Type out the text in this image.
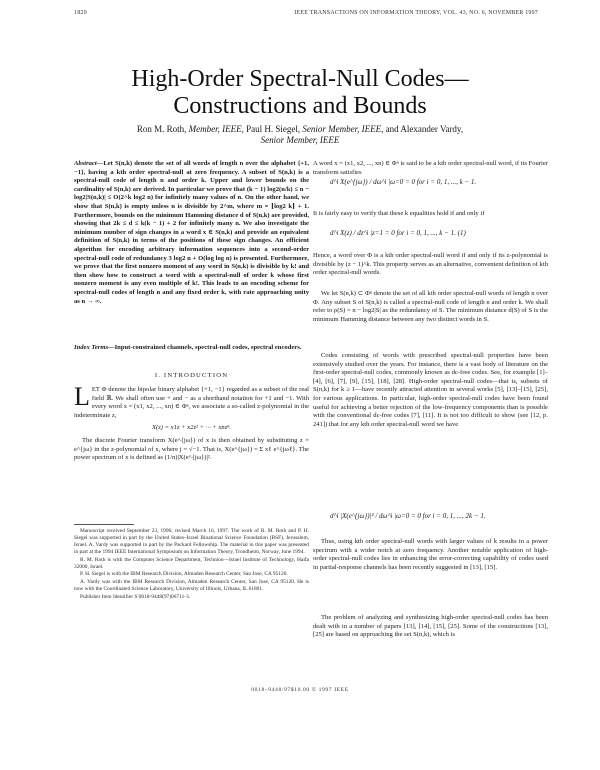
1820	IEEE TRANSACTIONS ON INFORMATION THEORY, VOL. 43, NO. 6, NOVEMBER 1997
High-Order Spectral-Null Codes—
Constructions and Bounds
Ron M. Roth, Member, IEEE, Paul H. Siegel, Senior Member, IEEE, and Alexander Vardy,
Senior Member, IEEE
Abstract—Let S(n,k) denote the set of all words of length n over the alphabet {+1, −1}, having a kth order spectral-null at zero frequency. A subset of S(n,k) is a spectral-null code of length n and order k. Upper and lower bounds on the cardinality of S(n,k) are derived. In particular we prove that (k − 1) log2(n/k) ≤ n − log2|S(n,k)| ≤ O(2^k log2 n) for infinitely many values of n. On the other hand, we show that S(n,k) is empty unless n is divisible by 2^m, where m = ⌊log2 k⌋ + 1. Furthermore, bounds on the minimum Hamming distance d of S(n,k) are provided, showing that 2k ≤ d ≤ k(k − 1) + 2 for infinitely many n. We also investigate the minimum number of sign changes in a word x ∈ S(n,k) and provide an equivalent definition of S(n,k) in terms of the positions of these sign changes. An efficient algorithm for encoding arbitrary information sequences into a second-order spectral-null code of redundancy 3 log2 n + O(log log n) is presented. Furthermore, we prove that the first nonzero moment of any word in S(n,k) is divisible by k! and then show how to construct a word with a spectral-null of order k whose first nonzero moment is any even multiple of k!. This leads to an encoding scheme for spectral-null codes of length n and any fixed order k, with rate approaching unity as n → ∞.
Index Terms—Input-constrained channels, spectral-null codes, spectral encoders.
I. INTRODUCTION
LET Φ denote the bipolar binary alphabet {+1, −1} regarded as a subset of the real field ℝ. We shall often use + and − as a shorthand notation for +1 and −1. With every word x = (x1, x2, ..., xn) ∈ Φⁿ, we associate a so-called z-polynomial in the indeterminate z,
X(z) = x1z + x2z² + ··· + xnzⁿ.

The discrete Fourier transform X(e^{jω}) of x is then obtained by substituting z = e^{jω} in the z-polynomial of x, where j = √−1. That is, X(e^{jω}) = Σ xℓ e^{jωℓ}. The power spectrum of x is defined as (1/n)|X(e^{jω})|².

Manuscript received September 23, 1996; revised March 16, 1997. The work of R. M. Roth and P. H. Siegel was supported in part by the United States–Israel Binational Science Foundation (BSF), Jerusalem, Israel. A. Vardy was supported in part by the Packard Fellowship. The material in this paper was presented in part at the 1994 IEEE International Symposium on Information Theory, Trondheim, Norway, June 1994.

R. M. Roth is with the Computer Science Department, Technion—Israel Institute of Technology, Haifa 32000, Israel.

P. H. Siegel is with the IBM Research Division, Almaden Research Center, San Jose, CA 95120.

A. Vardy was with the IBM Research Division, Almaden Research Center, San Jose, CA 95120. He is now with the Coordinated Science Laboratory, University of Illinois, Urbana, IL 61801.

Publisher Item Identifier S 0018-9448(97)06711-3.

A word x = (x1, x2, ..., xn) ∈ Φⁿ is said to be a kth order spectral-null word, if its Fourier transform satisfies
d^i X(e^{jω}) / dω^i |ω=0 = 0 for i = 0, 1, ..., k − 1.
It is fairly easy to verify that these k equalities hold if and only if
d^i X(z) / dz^i |z=1 = 0 for i = 0, 1, ..., k − 1. (1)
Hence, a word over Φ is a kth order spectral-null word if and only if its z-polynomial is divisible by (z − 1)^k. This property serves as an alternative, convenient definition of kth order spectral-null words.

We let S(n,k) ⊂ Φⁿ denote the set of all kth order spectral-null words of length n over Φ. Any subset S of S(n,k) is called a spectral-null code of length n and order k. We shall refer to ρ(S) = n − log2|S| as the redundancy of S. The minimum distance d(S) of S is the minimum Hamming distance between any two distinct words in S.

Codes consisting of words with prescribed spectral-null properties have been extensively studied over the years. For instance, there is a vast body of literature on the first-order spectral-null codes, commonly known as dc-free codes. See, for example [1]–[4], [6], [7], [9], [15], [18], [28]. High-order spectral-null codes—that is, subsets of S(n,k) for k ≥ 1—have recently attracted attention in several works [5], [13]–[15], [25], for various applications. In particular, high-order spectral-null codes have been found useful for achieving a better rejection of the low-frequency components than is possible with the conventional dc-free codes [7], [11]. It is not too difficult to show (see [12, p. 241]) that for any kth order spectral-null word we have

d^i |X(e^{jω})|² / dω^i |ω=0 = 0 for i = 0, 1, ..., 2k − 1.

Thus, using kth order spectral-null words with larger values of k results in a power spectrum with a wider notch at zero frequency. Another notable application of high-order spectral-null codes lies in enhancing the error-correcting capability of codes used in partial-response channels has been recently suggested in [13], [15].

The problem of analyzing and synthesizing high-order spectral-null codes has been dealt with in a number of papers [13], [14], [15], [25]. Some of the constructions [13], [25] are based on approaching the set S(n,k), which is

0018–9448/97$10.00 © 1997 IEEE
